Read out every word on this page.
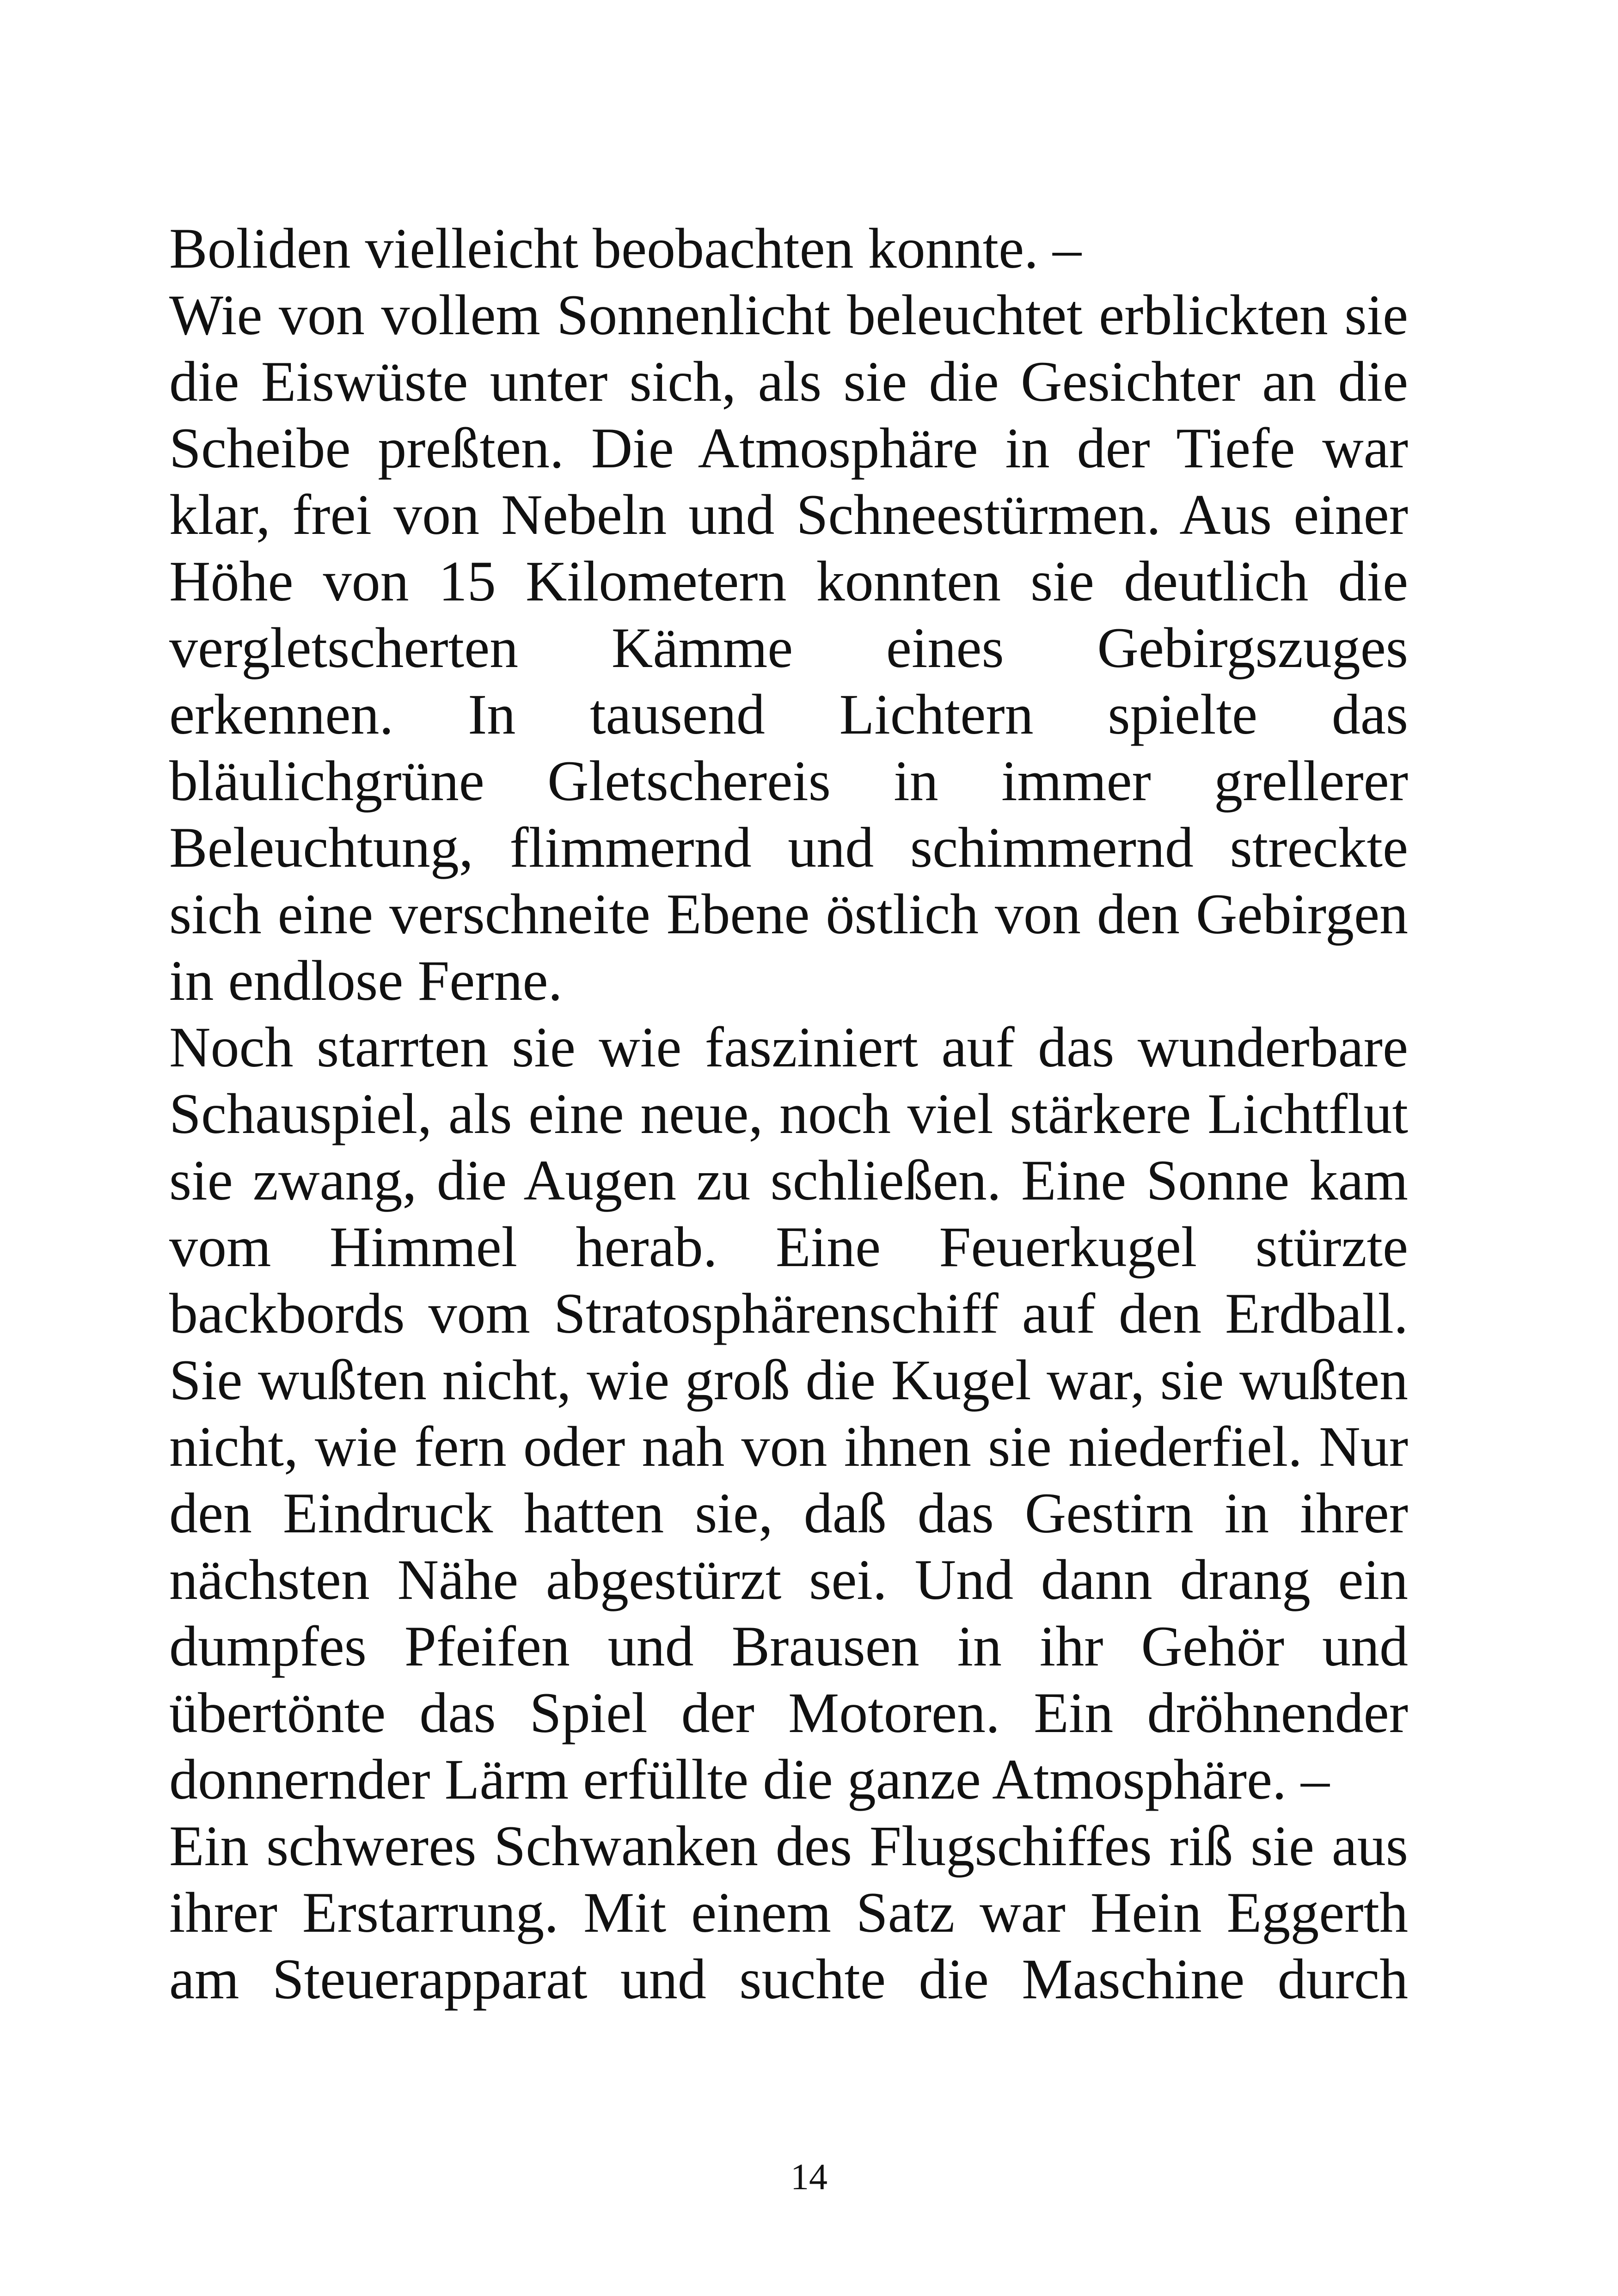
Boliden vielleicht beobachten konnte. –
Wie von vollem Sonnenlicht beleuchtet erblickten sie
die Eiswüste unter sich, als sie die Gesichter an die
Scheibe preßten. Die Atmosphäre in der Tiefe war
klar, frei von Nebeln und Schneestürmen. Aus einer
Höhe von 15 Kilometern konnten sie deutlich die
vergletscherten Kämme eines Gebirgszuges
erkennen. In tausend Lichtern spielte das
bläulichgrüne Gletschereis in immer grellerer
Beleuchtung, flimmernd und schimmernd streckte
sich eine verschneite Ebene östlich von den Gebirgen
in endlose Ferne.
Noch starrten sie wie fasziniert auf das wunderbare
Schauspiel, als eine neue, noch viel stärkere Lichtflut
sie zwang, die Augen zu schließen. Eine Sonne kam
vom Himmel herab. Eine Feuerkugel stürzte
backbords vom Stratosphärenschiff auf den Erdball.
Sie wußten nicht, wie groß die Kugel war, sie wußten
nicht, wie fern oder nah von ihnen sie niederfiel. Nur
den Eindruck hatten sie, daß das Gestirn in ihrer
nächsten Nähe abgestürzt sei. Und dann drang ein
dumpfes Pfeifen und Brausen in ihr Gehör und
übertönte das Spiel der Motoren. Ein dröhnender
donnernder Lärm erfüllte die ganze Atmosphäre. –
Ein schweres Schwanken des Flugschiffes riß sie aus
ihrer Erstarrung. Mit einem Satz war Hein Eggerth
am Steuerapparat und suchte die Maschine durch
14
